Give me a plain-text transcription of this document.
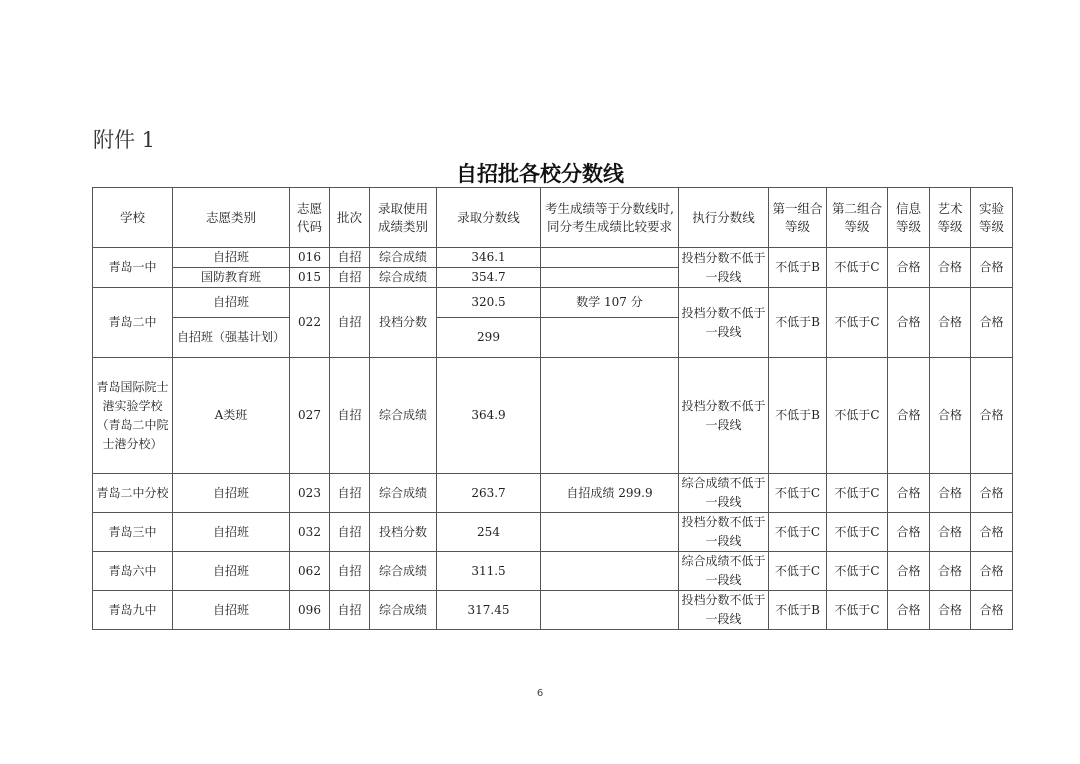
附件 1
自招批各校分数线
学校	志愿类别	志愿代码	批次	录取使用成绩类别	录取分数线	考生成绩等于分数线时,同分考生成绩比较要求	执行分数线	第一组合等级	第二组合等级	信息等级	艺术等级	实验等级
青岛一中	自招班	016	自招	综合成绩	346.1		投档分数不低于一段线	不低于B	不低于C	合格	合格	合格
	国防教育班	015	自招	综合成绩	354.7							
青岛二中	自招班	022	自招	投档分数	320.5	数学 107 分	投档分数不低于一段线	不低于B	不低于C	合格	合格	合格
	自招班（强基计划）				299							
青岛国际院士港实验学校（青岛二中院士港分校）	A类班	027	自招	综合成绩	364.9		投档分数不低于一段线	不低于B	不低于C	合格	合格	合格
青岛二中分校	自招班	023	自招	综合成绩	263.7	自招成绩 299.9	综合成绩不低于一段线	不低于C	不低于C	合格	合格	合格
青岛三中	自招班	032	自招	投档分数	254		投档分数不低于一段线	不低于C	不低于C	合格	合格	合格
青岛六中	自招班	062	自招	综合成绩	311.5		综合成绩不低于一段线	不低于C	不低于C	合格	合格	合格
青岛九中	自招班	096	自招	综合成绩	317.45		投档分数不低于一段线	不低于B	不低于C	合格	合格	合格
6
